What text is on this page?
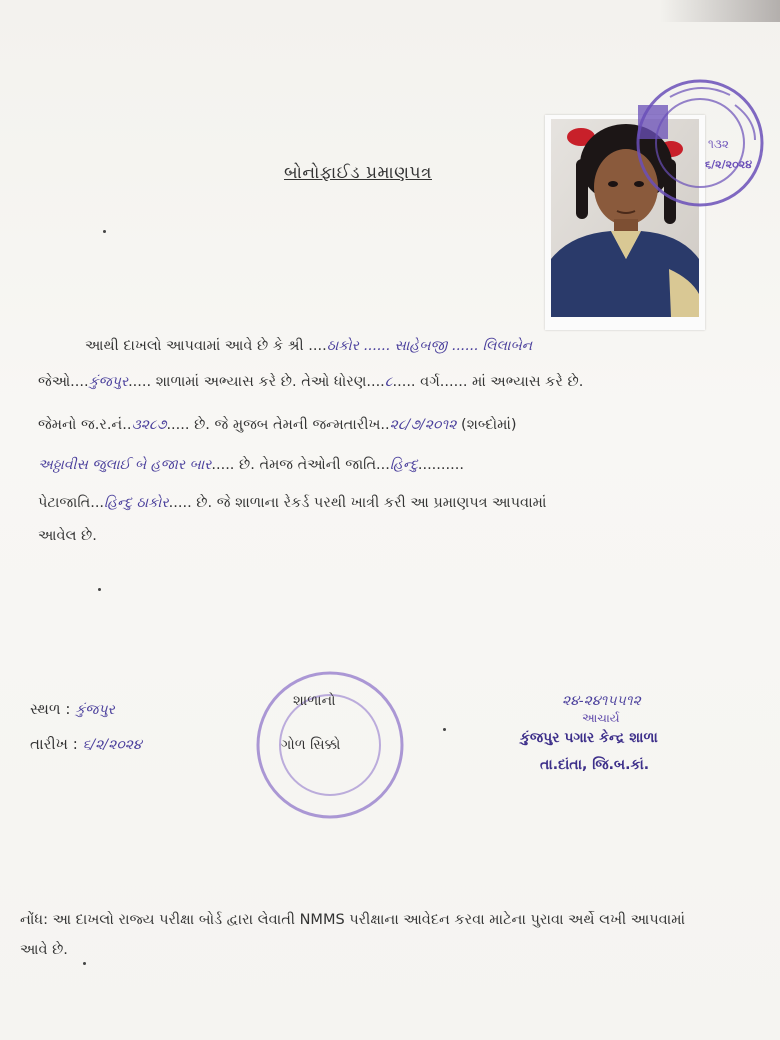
બોનોફાઈડ પ્રમાણપત્ર
૧૩૨
૬/૨/૨૦૨૪
આથી દાખલો આપવામાં આવે છે કે શ્રી ....ઠાકોર ...... સાહેબજી ...... લિલાબેન
જેઓ....કુંજપુર..... શાળામાં અભ્યાસ કરે છે. તેઓ ધોરણ....૮..... વર્ગ...... માં અભ્યાસ કરે છે.
જેમનો જ.ર.નં..૩૨૮૭..... છે. જે મુજબ તેમની જન્મતારીખ..૨૮/૭/૨૦૧૨ (શબ્દોમાં)
અઠ્ઠાવીસ જુલાઈ બે હજાર બાર..... છે. તેમજ તેઓની જાતિ...હિન્દુ..........
પેટાજાતિ...હિન્દુ ઠાકોર..... છે. જે શાળાના રેકર્ડ પરથી ખાત્રી કરી આ પ્રમાણપત્ર આપવામાં
આવેલ છે.
સ્થળ : કુંજપુર
તારીખ : ૬/૨/૨૦૨૪
શાળાનો
ગોળ સિક્કો
૨૪-૨૪૧૫૫૧૨
આચાર્ય
કુંજપુર પગાર કેન્દ્ર શાળા
તા.દાંતા, જિ.બ.કાં.
નોંધ: આ દાખલો રાજ્ય પરીક્ષા બોર્ડ દ્વારા લેવાતી NMMS પરીક્ષાના આવેદન કરવા માટેના પુરાવા અર્થે લખી આપવામાં આવે છે.
